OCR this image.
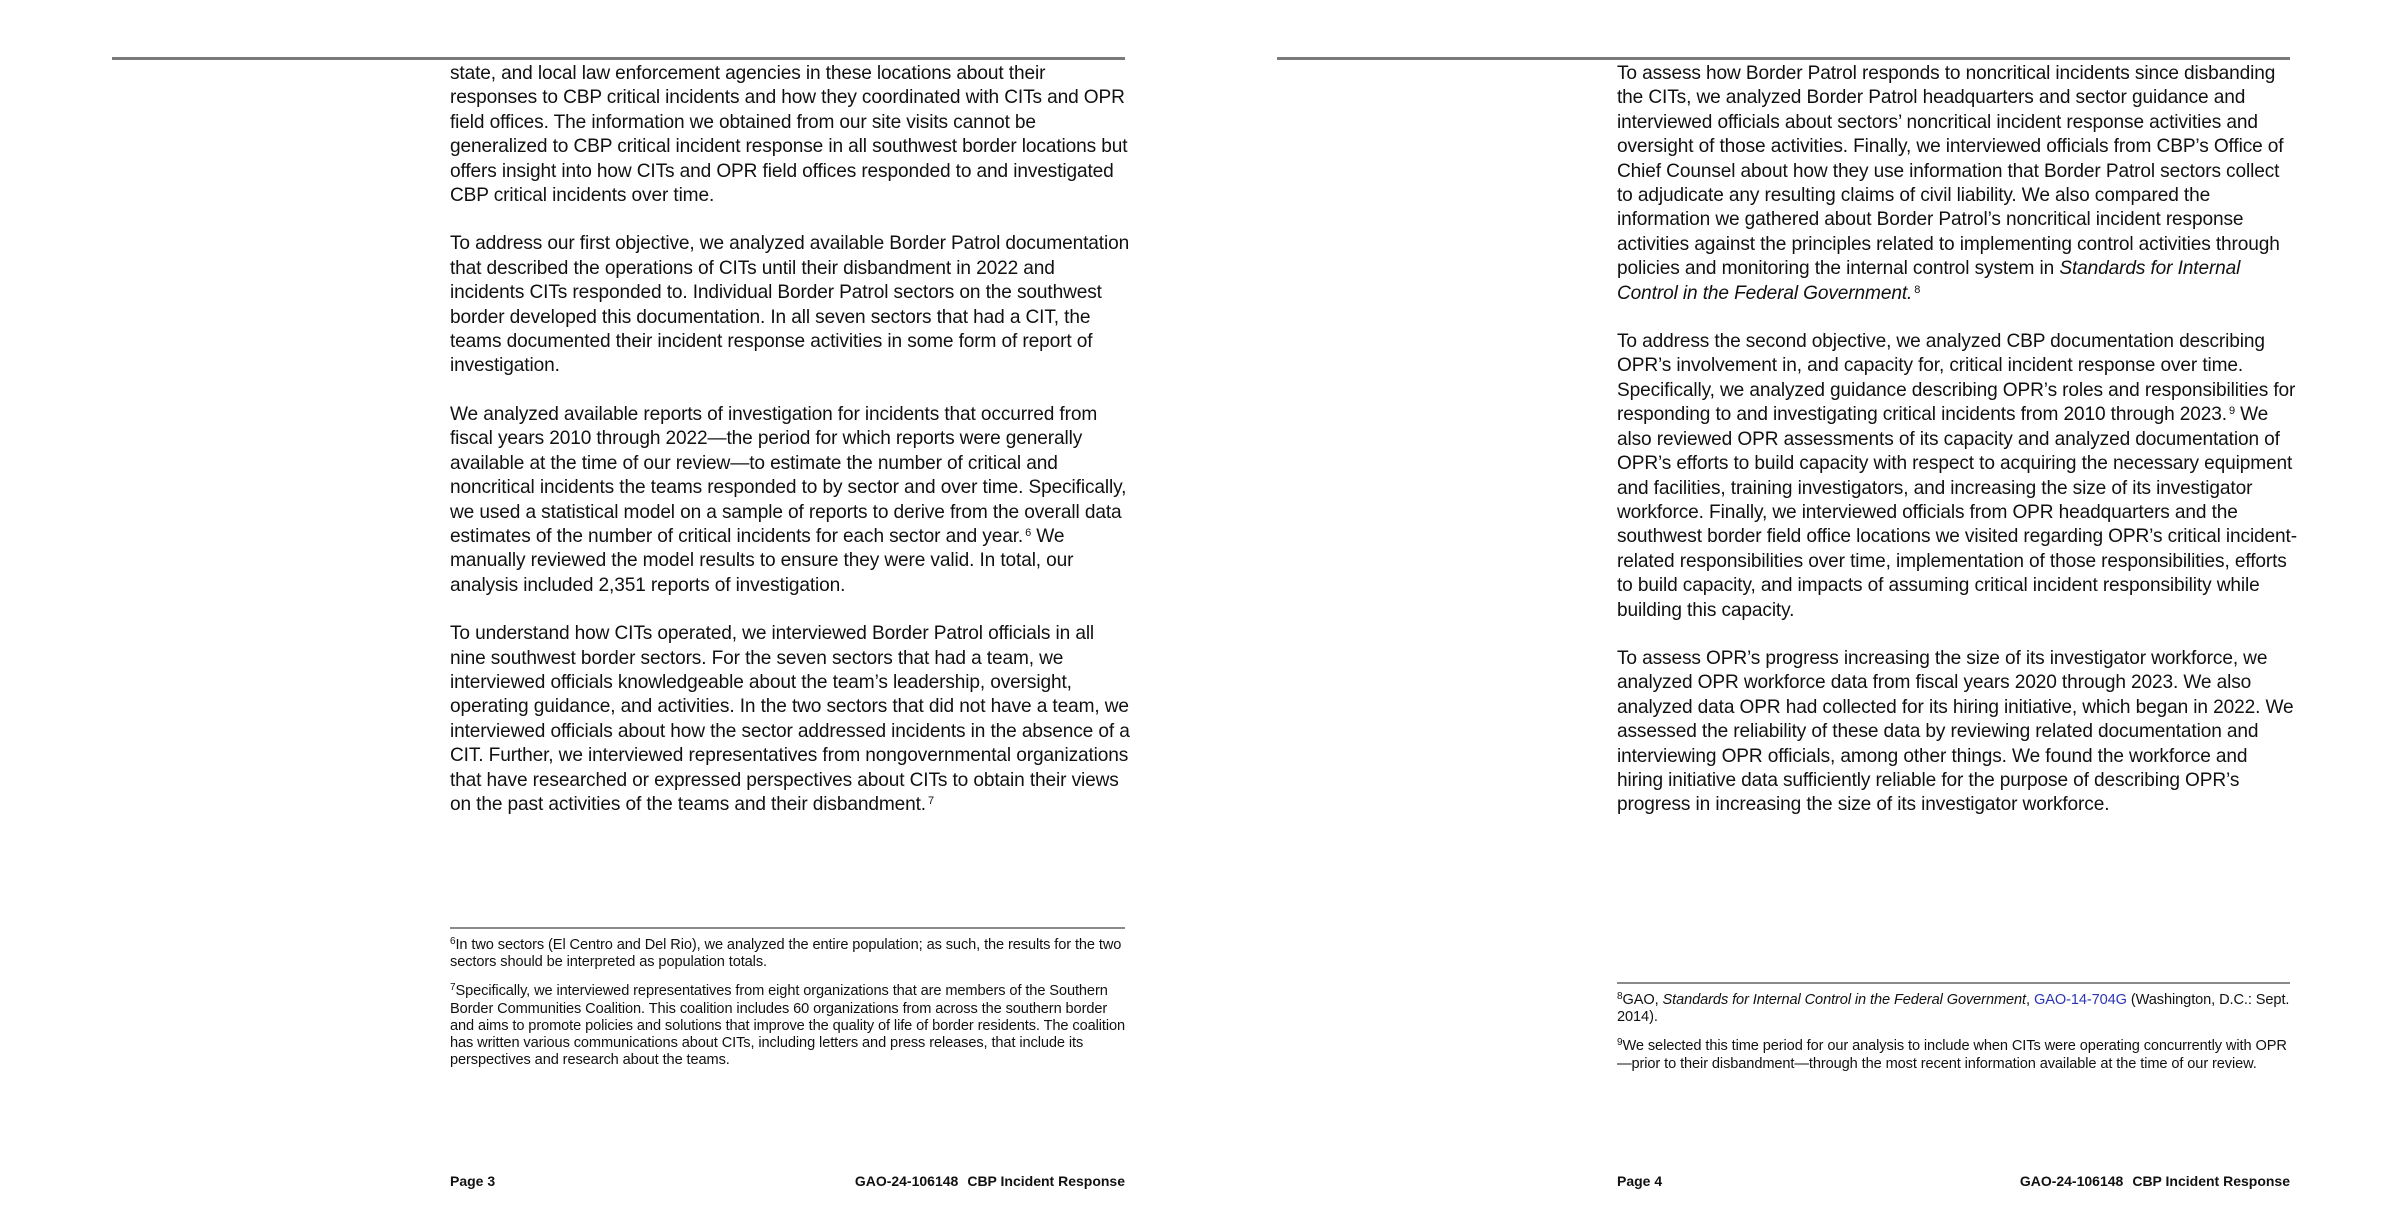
state, and local law enforcement agencies in these locations about their responses to CBP critical incidents and how they coordinated with CITs and OPR field offices. The information we obtained from our site visits cannot be generalized to CBP critical incident response in all southwest border locations but offers insight into how CITs and OPR field offices responded to and investigated CBP critical incidents over time.

To address our first objective, we analyzed available Border Patrol documentation that described the operations of CITs until their disbandment in 2022 and incidents CITs responded to. Individual Border Patrol sectors on the southwest border developed this documentation. In all seven sectors that had a CIT, the teams documented their incident response activities in some form of report of investigation.

We analyzed available reports of investigation for incidents that occurred from fiscal years 2010 through 2022—the period for which reports were generally available at the time of our review—to estimate the number of critical and noncritical incidents the teams responded to by sector and over time. Specifically, we used a statistical model on a sample of reports to derive from the overall data estimates of the number of critical incidents for each sector and year. $^6$ We manually reviewed the model results to ensure they were valid. In total, our analysis included 2,351 reports of investigation.

To understand how CITs operated, we interviewed Border Patrol officials in all nine southwest border sectors. For the seven sectors that had a team, we interviewed officials knowledgeable about the team’s leadership, oversight, operating guidance, and activities. In the two sectors that did not have a team, we interviewed officials about how the sector addressed incidents in the absence of a CIT. Further, we interviewed representatives from nongovernmental organizations that have researched or expressed perspectives about CITs to obtain their views on the past activities of the teams and their disbandment. $^7$

$^6$In two sectors (El Centro and Del Rio), we analyzed the entire population; as such, the results for the two sectors should be interpreted as population totals.

$^7$Specifically, we interviewed representatives from eight organizations that are members of the Southern Border Communities Coalition. This coalition includes 60 organizations from across the southern border and aims to promote policies and solutions that improve the quality of life of border residents. The coalition has written various communications about CITs, including letters and press releases, that include its perspectives and research about the teams.

Page 3	GAO-24-106148 CBP Incident Response

To assess how Border Patrol responds to noncritical incidents since disbanding the CITs, we analyzed Border Patrol headquarters and sector guidance and interviewed officials about sectors’ noncritical incident response activities and oversight of those activities. Finally, we interviewed officials from CBP’s Office of Chief Counsel about how they use information that Border Patrol sectors collect to adjudicate any resulting claims of civil liability. We also compared the information we gathered about Border Patrol’s noncritical incident response activities against the principles related to implementing control activities through policies and monitoring the internal control system in Standards for Internal Control in the Federal Government. $^8$

To address the second objective, we analyzed CBP documentation describing OPR’s involvement in, and capacity for, critical incident response over time. Specifically, we analyzed guidance describing OPR’s roles and responsibilities for responding to and investigating critical incidents from 2010 through 2023. $^9$ We also reviewed OPR assessments of its capacity and analyzed documentation of OPR’s efforts to build capacity with respect to acquiring the necessary equipment and facilities, training investigators, and increasing the size of its investigator workforce. Finally, we interviewed officials from OPR headquarters and the southwest border field office locations we visited regarding OPR’s critical incident-related responsibilities over time, implementation of those responsibilities, efforts to build capacity, and impacts of assuming critical incident responsibility while building this capacity.

To assess OPR’s progress increasing the size of its investigator workforce, we analyzed OPR workforce data from fiscal years 2020 through 2023. We also analyzed data OPR had collected for its hiring initiative, which began in 2022. We assessed the reliability of these data by reviewing related documentation and interviewing OPR officials, among other things. We found the workforce and hiring initiative data sufficiently reliable for the purpose of describing OPR’s progress in increasing the size of its investigator workforce.

$^8$GAO, Standards for Internal Control in the Federal Government, GAO-14-704G (Washington, D.C.: Sept. 2014).

$^9$We selected this time period for our analysis to include when CITs were operating concurrently with OPR—prior to their disbandment—through the most recent information available at the time of our review.

Page 4	GAO-24-106148 CBP Incident Response
